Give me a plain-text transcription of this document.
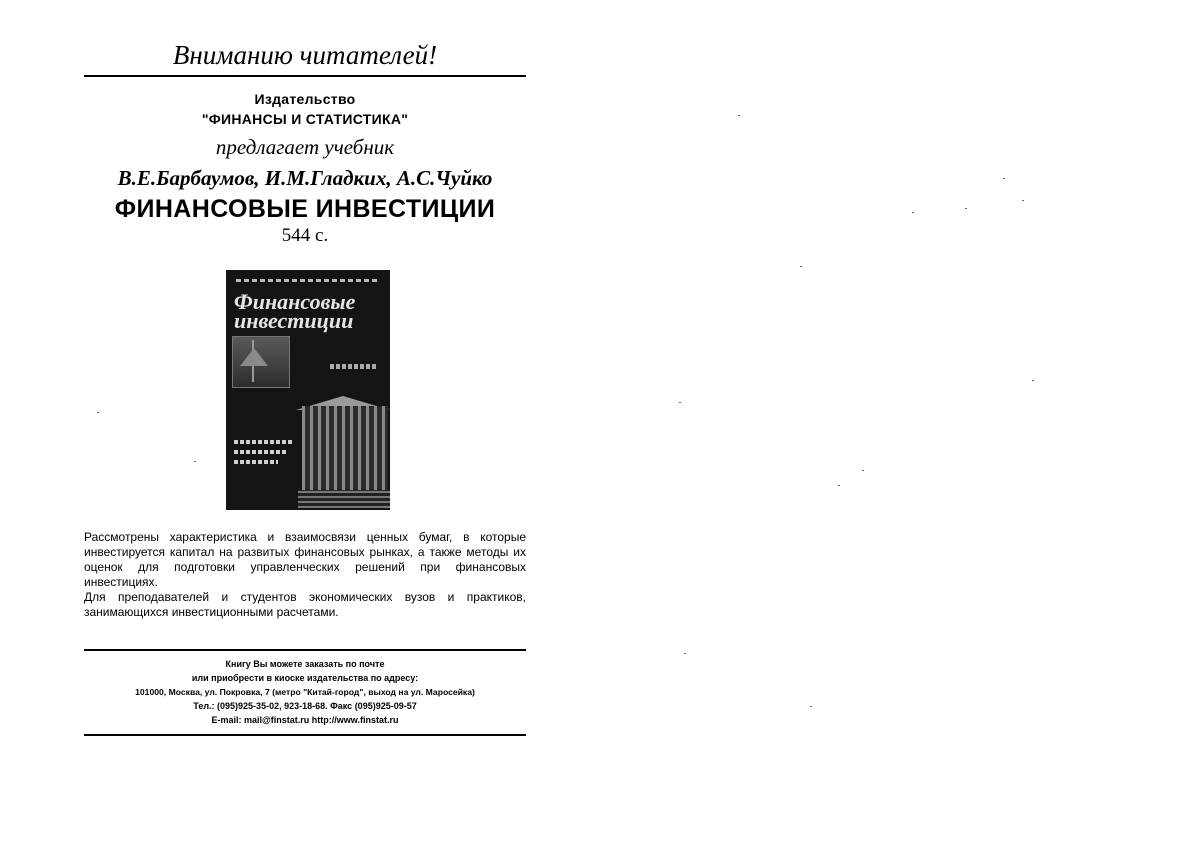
Вниманию читателей!
Издательство
"ФИНАНСЫ И СТАТИСТИКА"
предлагает учебник
В.Е.Барбаумов, И.М.Гладких, А.С.Чуйко
ФИНАНСОВЫЕ ИНВЕСТИЦИИ
544 с.
Финансовые инвестиции

Рассмотрены характеристика и взаимосвязи ценных бумаг, в которые инвестируется капитал на развитых финансовых рынках, а также методы их оценок для подготовки управленческих решений при финансовых инвестициях.

Для преподавателей и студентов экономических вузов и практиков, занимающихся инвестиционными расчетами.

Книгу Вы можете заказать по почте
или приобрести в киоске издательства по адресу:
101000, Москва, ул. Покровка, 7 (метро "Китай-город", выход на ул. Маросейка)
Тел.: (095)925-35-02, 923-18-68. Факс (095)925-09-57
E-mail: mail@finstat.ru http://www.finstat.ru
